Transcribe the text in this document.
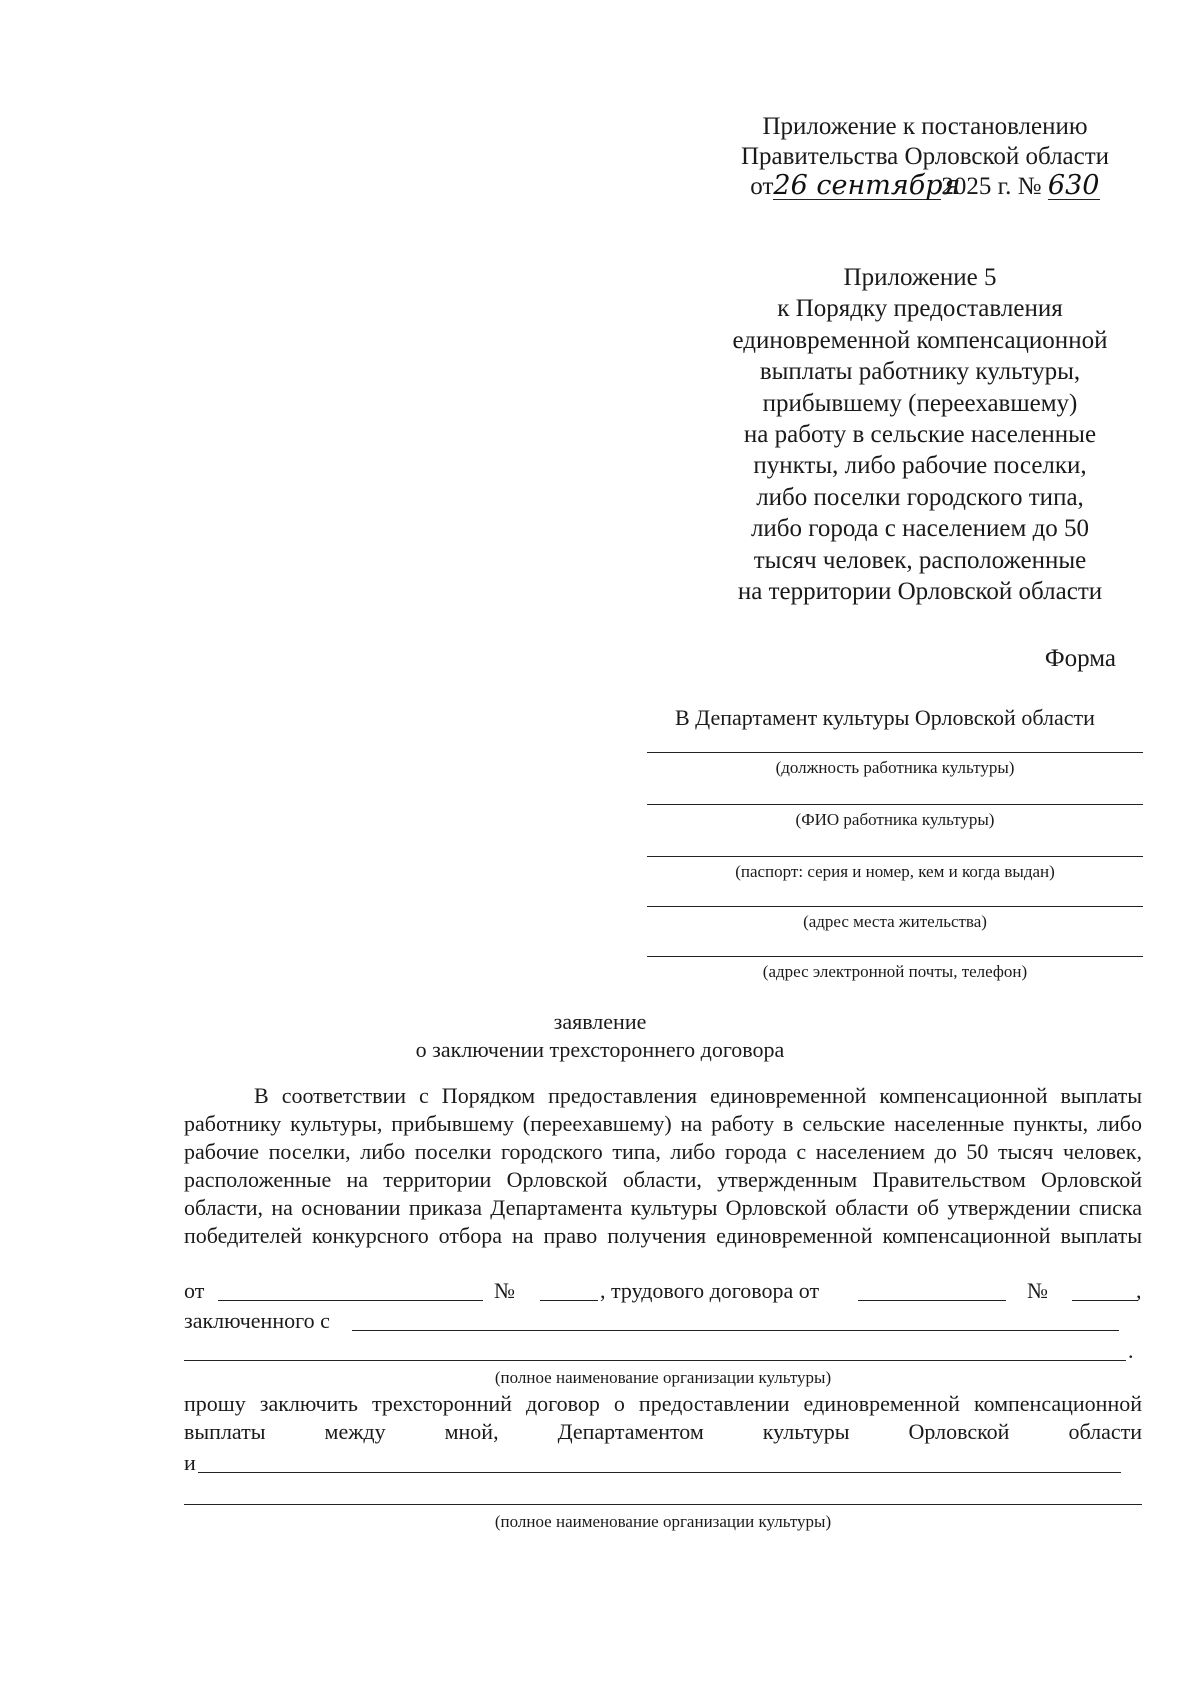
Приложение к постановлению
Правительства Орловской области
от26 сентября2025 г. № 630
Приложение 5
к Порядку предоставления
единовременной компенсационной
выплаты работнику культуры,
прибывшему (переехавшему)
на работу в сельские населенные
пункты, либо рабочие поселки,
либо поселки городского типа,
либо города с населением до 50
тысяч человек, расположенные
на территории Орловской области
Форма
В Департамент культуры Орловской области
(должность работника культуры)
(ФИО работника культуры)
(паспорт: серия и номер, кем и когда выдан)
(адрес места жительства)
(адрес электронной почты, телефон)
заявление
о заключении трехстороннего договора
В соответствии с Порядком предоставления единовременной компенсационной выплаты работнику культуры, прибывшему (переехавшему) на работу в сельские населенные пункты, либо рабочие поселки, либо поселки городского типа, либо города с населением до 50 тысяч человек, расположенные на территории Орловской области, утвержденным Правительством Орловской области, на основании приказа Департамента культуры Орловской области об утверждении списка победителей конкурсного отбора на право получения единовременной компенсационной выплаты
от	№	, трудового договора от	№	,
заключенного с
.
(полное наименование организации культуры)
прошу заключить трехсторонний договор о предоставлении единовременной компенсационной выплаты между мной, Департаментом культуры Орловской области
и
(полное наименование организации культуры)
